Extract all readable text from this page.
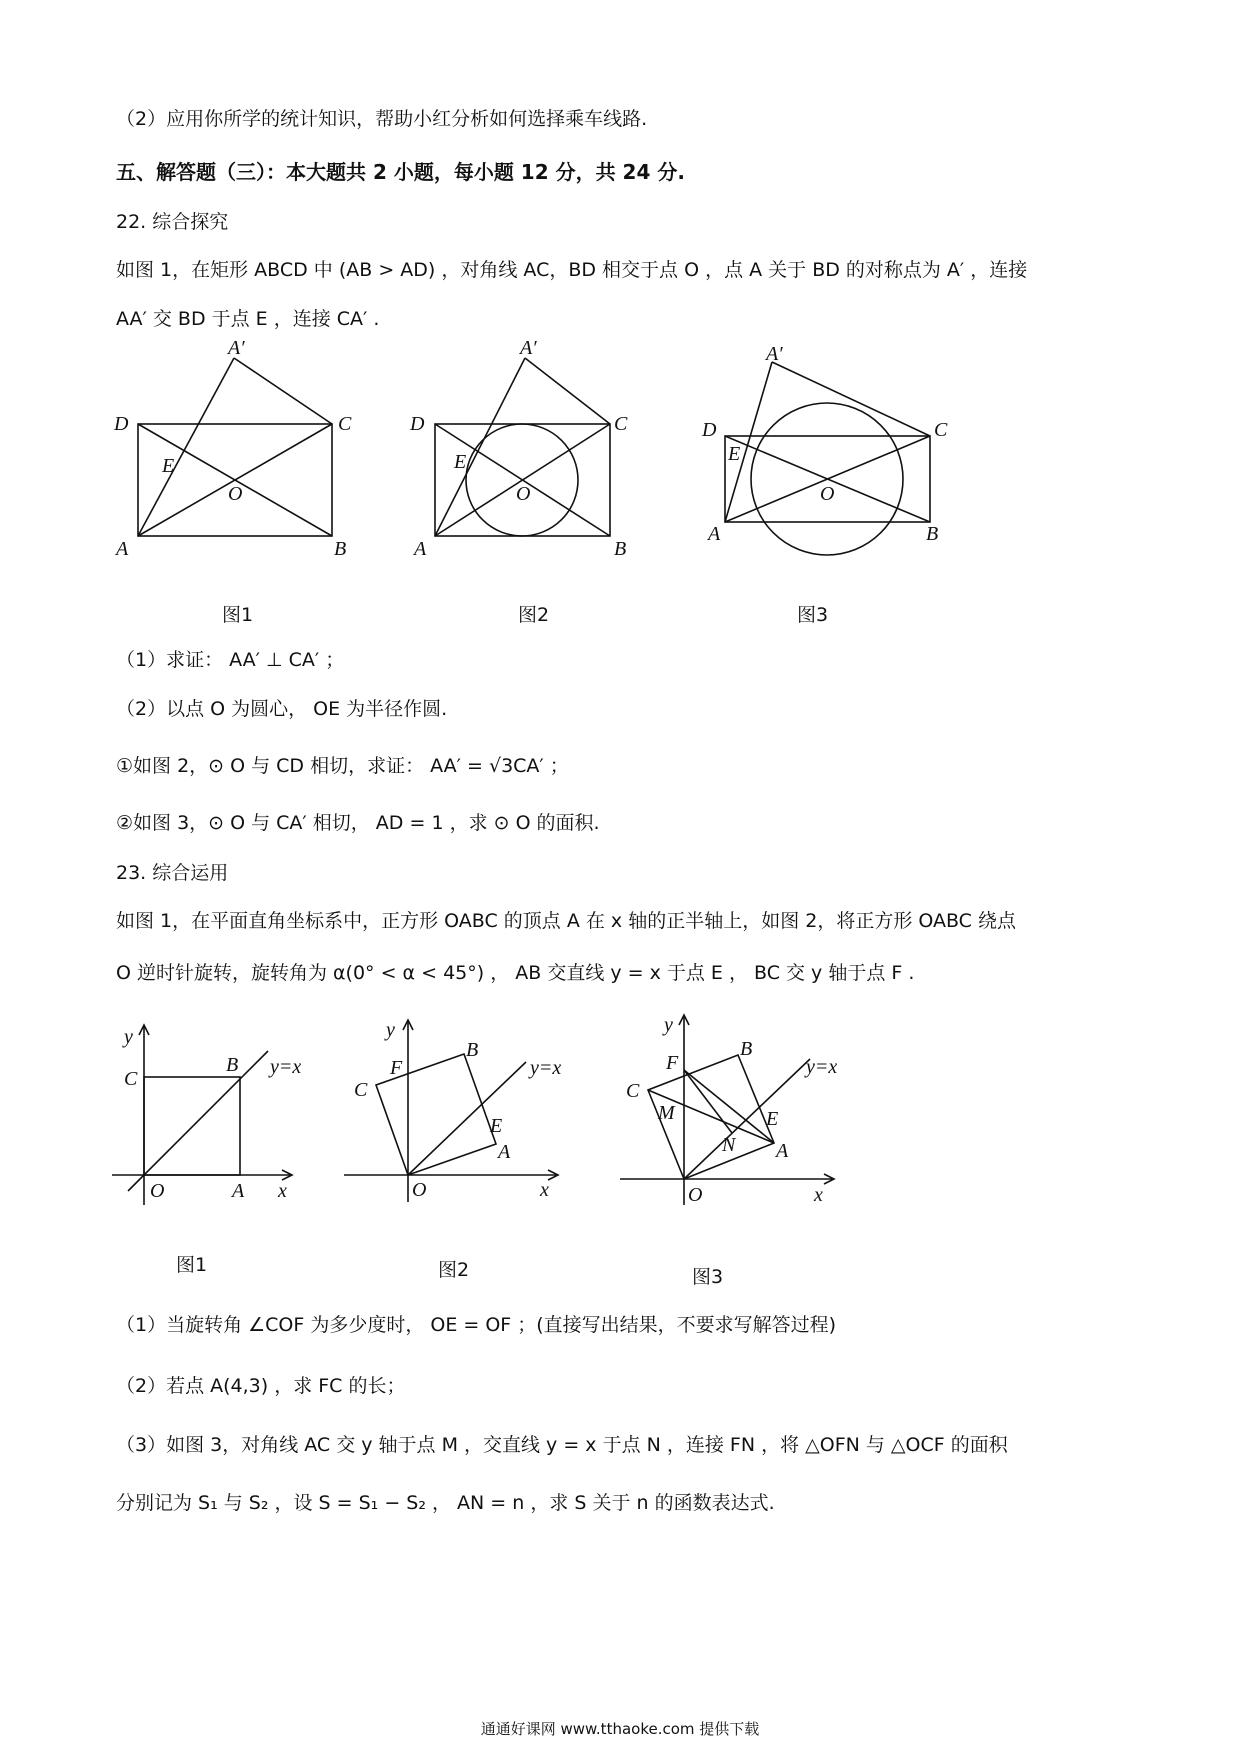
（2）应用你所学的统计知识，帮助小红分析如何选择乘车线路.
五、解答题（三）：本大题共 2 小题，每小题 12 分，共 24 分.
22. 综合探究
如图 1，在矩形 ABCD 中 (AB > AD) ，对角线 AC，BD 相交于点 O ，点 A 关于 BD 的对称点为 A′ ，连接
AA′ 交 BD 于点 E ，连接 CA′ .
A′
D	C
E
O
A	B
图1
A′
D	C
E
O
A	B
图2
A′
D	C
E
O
A	B
图3
（1）求证： AA′ ⊥ CA′ ；
（2）以点 O 为圆心， OE 为半径作圆.
①如图 2，⊙ O 与 CD 相切，求证： AA′ = √3CA′ ；
②如图 3，⊙ O 与 CA′ 相切， AD = 1 ，求 ⊙ O 的面积.
23. 综合运用
如图 1，在平面直角坐标系中，正方形 OABC 的顶点 A 在 x 轴的正半轴上，如图 2，将正方形 OABC 绕点
O 逆时针旋转，旋转角为 α(0° < α < 45°) ， AB 交直线 y = x 于点 E ， BC 交 y 轴于点 F .
y
C
B y=x
O	A x
图1
y
F
B
y=x
C
E
A
O	x
图2
y
F
B
y=x
C
M	E
N A
O	x
图3
（1）当旋转角 ∠COF 为多少度时， OE = OF ；(直接写出结果，不要求写解答过程)
（2）若点 A(4,3) ，求 FC 的长；
（3）如图 3，对角线 AC 交 y 轴于点 M ，交直线 y = x 于点 N ，连接 FN ，将 △OFN 与 △OCF 的面积
分别记为 S₁ 与 S₂ ，设 S = S₁ − S₂ ， AN = n ，求 S 关于 n 的函数表达式.
通通好课网 www.tthaoke.com 提供下载
